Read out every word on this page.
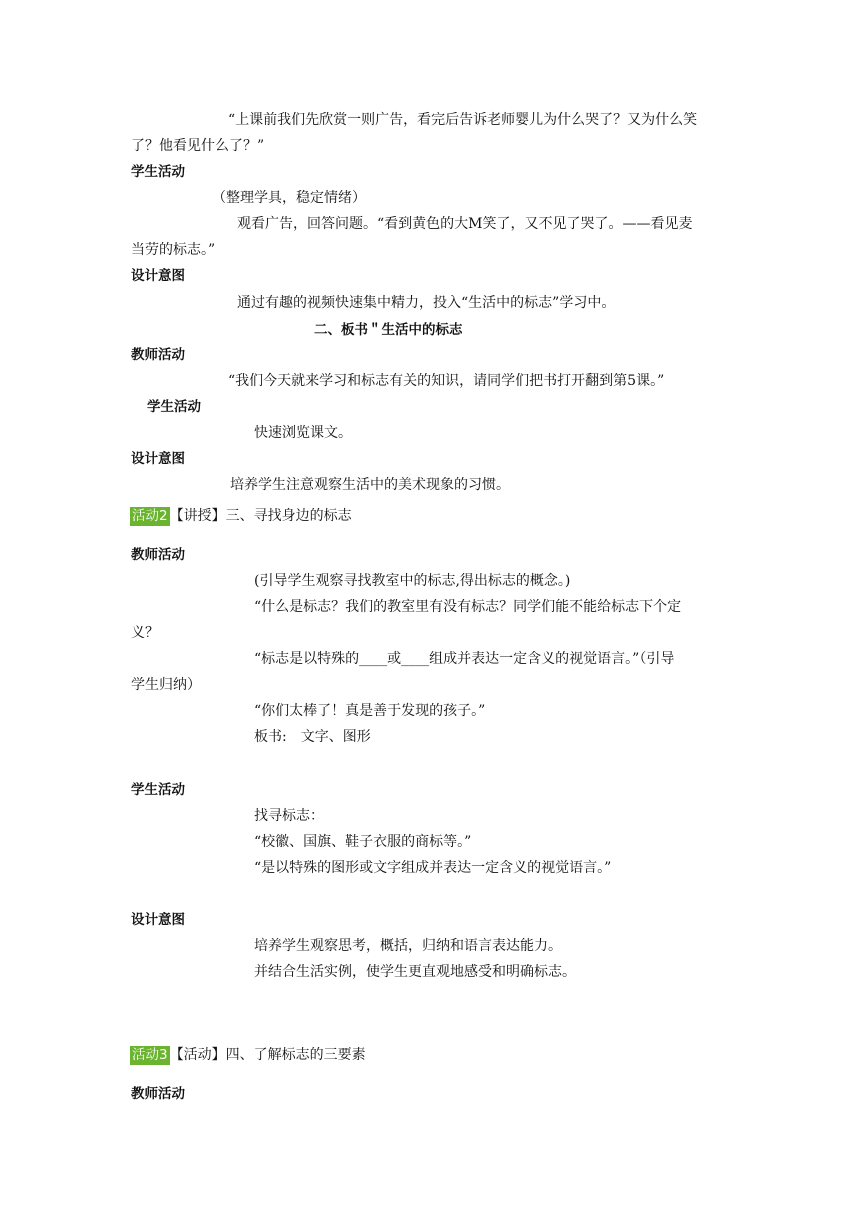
“上课前我们先欣赏一则广告，看完后告诉老师婴儿为什么哭了？又为什么笑
了？他看见什么了？”
学生活动
（整理学具，稳定情绪）
观看广告，回答问题。“看到黄色的大M笑了，又不见了哭了。——看见麦
当劳的标志。”
设计意图
通过有趣的视频快速集中精力，投入“生活中的标志”学习中。
二、板书＂生活中的标志
教师活动
“我们今天就来学习和标志有关的知识，请同学们把书打开翻到第5课。”
学生活动
快速浏览课文。
设计意图
培养学生注意观察生活中的美术现象的习惯。
活动2 【讲授】三、寻找身边的标志
教师活动
(引导学生观察寻找教室中的标志,得出标志的概念。)
“什么是标志？我们的教室里有没有标志？同学们能不能给标志下个定
义？
“标志是以特殊的____或____组成并表达一定含义的视觉语言。”（引导
学生归纳）
“你们太棒了！真是善于发现的孩子。”
板书:　文字、图形
学生活动
找寻标志：
“校徽、国旗、鞋子衣服的商标等。”
“是以特殊的图形或文字组成并表达一定含义的视觉语言。”
设计意图
培养学生观察思考，概括，归纳和语言表达能力。
并结合生活实例，使学生更直观地感受和明确标志。
活动3 【活动】四、了解标志的三要素
教师活动
